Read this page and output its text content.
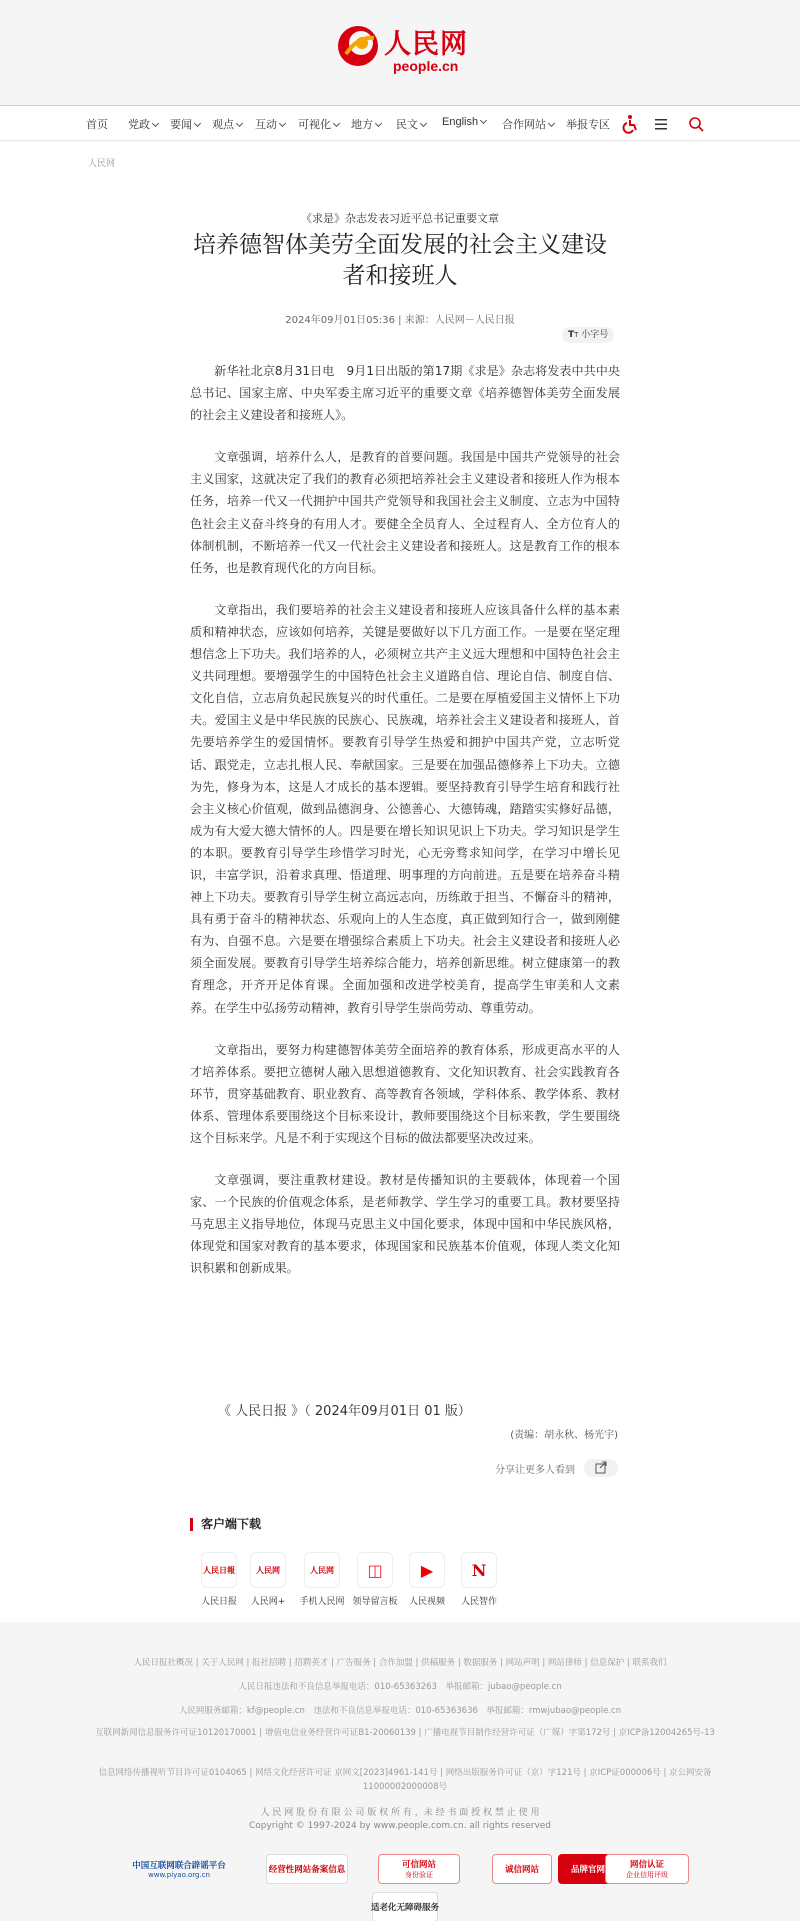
人民网
people.cn
首页 党政	要闻	观点	互动	可视化	地方	民文	English	合作网站	举报专区
人民网
《求是》杂志发表习近平总书记重要文章
培养德智体美劳全面发展的社会主义建设者和接班人
2024年09月01日05:36 | 来源：人民网－人民日报
TT 小字号

新华社北京8月31日电　9月1日出版的第17期《求是》杂志将发表中共中央总书记、国家主席、中央军委主席习近平的重要文章《培养德智体美劳全面发展的社会主义建设者和接班人》。

文章强调，培养什么人，是教育的首要问题。我国是中国共产党领导的社会主义国家，这就决定了我们的教育必须把培养社会主义建设者和接班人作为根本任务，培养一代又一代拥护中国共产党领导和我国社会主义制度、立志为中国特色社会主义奋斗终身的有用人才。要健全全员育人、全过程育人、全方位育人的体制机制，不断培养一代又一代社会主义建设者和接班人。这是教育工作的根本任务，也是教育现代化的方向目标。

文章指出，我们要培养的社会主义建设者和接班人应该具备什么样的基本素质和精神状态，应该如何培养，关键是要做好以下几方面工作。一是要在坚定理想信念上下功夫。我们培养的人，必须树立共产主义远大理想和中国特色社会主义共同理想。要增强学生的中国特色社会主义道路自信、理论自信、制度自信、文化自信，立志肩负起民族复兴的时代重任。二是要在厚植爱国主义情怀上下功夫。爱国主义是中华民族的民族心、民族魂，培养社会主义建设者和接班人，首先要培养学生的爱国情怀。要教育引导学生热爱和拥护中国共产党，立志听党话、跟党走，立志扎根人民、奉献国家。三是要在加强品德修养上下功夫。立德为先，修身为本，这是人才成长的基本逻辑。要坚持教育引导学生培育和践行社会主义核心价值观，做到品德润身、公德善心、大德铸魂，踏踏实实修好品德，成为有大爱大德大情怀的人。四是要在增长知识见识上下功夫。学习知识是学生的本职。要教育引导学生珍惜学习时光，心无旁骛求知问学，在学习中增长见识，丰富学识，沿着求真理、悟道理、明事理的方向前进。五是要在培养奋斗精神上下功夫。要教育引导学生树立高远志向，历练敢于担当、不懈奋斗的精神，具有勇于奋斗的精神状态、乐观向上的人生态度，真正做到知行合一，做到刚健有为、自强不息。六是要在增强综合素质上下功夫。社会主义建设者和接班人必须全面发展。要教育引导学生培养综合能力，培养创新思维。树立健康第一的教育理念，开齐开足体育课。全面加强和改进学校美育，提高学生审美和人文素养。在学生中弘扬劳动精神，教育引导学生崇尚劳动、尊重劳动。

文章指出，要努力构建德智体美劳全面培养的教育体系，形成更高水平的人才培养体系。要把立德树人融入思想道德教育、文化知识教育、社会实践教育各环节，贯穿基础教育、职业教育、高等教育各领域，学科体系、教学体系、教材体系、管理体系要围绕这个目标来设计，教师要围绕这个目标来教，学生要围绕这个目标来学。凡是不利于实现这个目标的做法都要坚决改过来。

文章强调，要注重教材建设。教材是传播知识的主要载体，体现着一个国家、一个民族的价值观念体系，是老师教学、学生学习的重要工具。教材要坚持马克思主义指导地位，体现马克思主义中国化要求，体现中国和中华民族风格，体现党和国家对教育的基本要求，体现国家和民族基本价值观，体现人类文化知识积累和创新成果。

《 人民日报 》（ 2024年09月01日 01 版）
(责编：胡永秋、杨光宇)
分享让更多人看到
客户端下载
人民日報
人民日报
人民网
人民网+
人民网
手机人民网
◫
领导留言板
▶
人民视频
N
人民智作
人民日报社概况 | 关于人民网 | 报社招聘 | 招聘英才 | 广告服务 | 合作加盟 | 供稿服务 | 数据服务 | 网站声明 | 网站律师 | 信息保护 | 联系我们
人民日报违法和不良信息举报电话：010-65363263　举报邮箱：jubao@people.cn
人民网服务邮箱：kf@people.cn　违法和不良信息举报电话：010-65363636　举报邮箱：rmwjubao@people.cn
互联网新闻信息服务许可证10120170001 | 增值电信业务经营许可证B1-20060139 | 广播电视节目制作经营许可证（广媒）字第172号 | 京ICP备12004265号-13
信息网络传播视听节目许可证0104065 | 网络文化经营许可证 京网文[2023]4961-141号 | 网络出版服务许可证（京）字121号 | 京ICP证000006号 | 京公网安备11000002000008号
人 民 网 股 份 有 限 公 司 版 权 所 有 ，未 经 书 面 授 权 禁 止 使 用
Copyright © 1997-2024 by www.people.com.cn. all rights reserved
中国互联网联合辟谣平台
www.piyao.org.cn	经营性网站备案信息	可信网站
身份验证	诚信网站	品牌官网	网信认证
企业信用评级
适老化无障碍服务
